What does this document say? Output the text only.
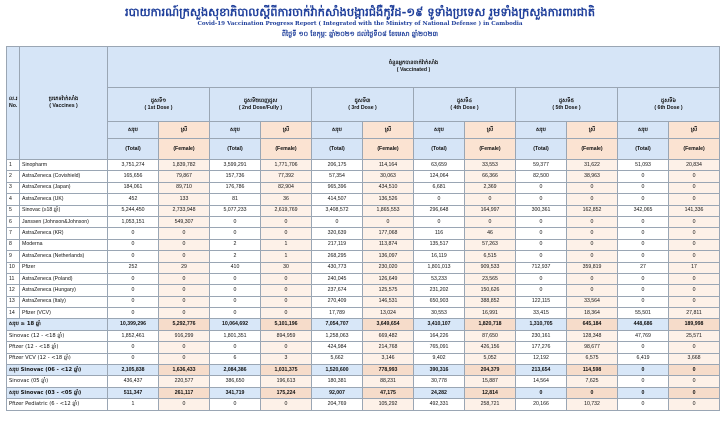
របាយការណ៍ក្រសួងសុខាភិបាលស្តីពីការចាក់វ៉ាក់សាំងបង្ការជំងឺកូវីដ-១៩ ទូទាំងប្រទេស រួមទាំងក្រសួងការពារជាតិ
Covid-19 Vaccination Progress Report ( Integrated with the Ministry of National Defense ) in Cambodia
ពីថ្ងៃទី ១០ ខែកុម្ភៈ ឆ្នាំ២០២១ ដល់ថ្ងៃទី០៨ ខែមេសា ឆ្នាំ២០២៣
ល.រ
No.	ប្រភេទវ៉ាក់សាំង
( Vaccines )	ចំនួនអ្នកបានចាក់វ៉ាក់សាំង
( Vaccinated )											
		ដូសទី១
( 1st Dose )		ដូសទី២ពេញដូស
( 2nd Dose/Fully )		ដូសទី៣
( 3rd Dose )		ដូសទី៤
( 4th Dose )		ដូសទី៥
( 5th Dose )		ដូសទី៦
( 6th Dose )	
		សរុប	ស្រី	សរុប	ស្រី	សរុប	ស្រី	សរុប	ស្រី	សរុប	ស្រី	សរុប	ស្រី
		(Total)	(Female)	(Total)	(Female)	(Total)	(Female)	(Total)	(Female)	(Total)	(Female)	(Total)	(Female)
1	Sinopharm	3,751,274	1,839,782	3,599,291	1,771,706	206,175	114,164	63,659	33,553	59,377	31,622	51,093	20,834
2	AstraZeneca (Covishield)	165,656	79,867	157,736	77,392	57,354	30,063	124,064	66,366	82,500	38,963	0	0
3	AstraZeneca (Japan)	184,061	89,710	176,786	82,904	965,396	434,510	6,681	2,369	0	0	0	0
4	AstraZeneca (UK)	452	133	81	36	414,507	136,526	0	0	0	0	0	0
5	Sinovac (≥18 ឆ្នាំ)	5,244,450	2,733,948	5,077,233	2,619,769	3,408,572	1,865,553	296,648	164,997	300,361	162,852	342,065	141,336
6	Janssen (Johnson&Johnson)	1,053,151	549,307	0	0	0	0	0	0	0	0	0	0
7	AstraZeneca (KR)	0	0	0	0	320,639	177,068	116	46	0	0	0	0
8	Moderna	0	0	2	1	217,119	113,874	135,517	57,263	0	0	0	0
9	AstraZeneca (Netherlands)	0	0	2	1	268,295	136,097	16,119	6,515	0	0	0	0
10	Pfizer	252	29	410	30	430,773	230,020	1,801,013	909,533	712,937	359,819	27	17
11	AstraZeneca (Poland)	0	0	0	0	240,045	126,649	53,233	23,565	0	0	0	0
12	AstraZeneca (Hungary)	0	0	0	0	237,674	125,575	231,202	150,626	0	0	0	0
13	AstraZeneca (Italy)	0	0	0	0	270,409	146,531	650,903	388,852	122,115	33,564	0	0
14	Pfizer (VCV)	0	0	0	0	17,789	13,024	30,553	16,991	33,415	18,364	55,501	27,811
សរុប ≥ 18 ឆ្នាំ		10,399,296	5,292,776	10,064,692	5,101,196	7,054,707	3,649,654	3,410,107	1,820,718	1,310,705	645,184	448,686	189,998
Sinovac (12 - <18 ឆ្នាំ)		1,852,461	916,299	1,801,351	894,959	1,258,063	669,482	164,226	87,650	230,161	128,348	47,769	25,571
Pfizer (12 - <18 ឆ្នាំ)		0	0	0	0	424,984	214,768	765,091	426,156	177,276	98,677	0	0
Pfizer VCV (12 - <18 ឆ្នាំ)		0	0	6	3	5,662	3,146	9,402	5,052	12,192	6,575	6,419	3,668
សរុប Sinovac (06 - <12 ឆ្នាំ)		2,105,838	1,636,433	2,084,386	1,031,375	1,520,600	778,993	390,316	204,379	213,654	114,598	0	0
Sinovac (05 ឆ្នាំ)		436,437	220,577	386,650	196,613	180,381	88,231	30,778	15,887	14,564	7,625	0	0
សរុប Sinovac (03 - <05 ឆ្នាំ)		511,347	261,117	341,719	175,224	92,007	47,175	24,282	12,814	0	0	0	0
Pfizer Pediatric (6 - <12 ឆ្នាំ)		1	0	0	0	204,769	105,292	492,331	258,721	20,166	10,732	0	0
